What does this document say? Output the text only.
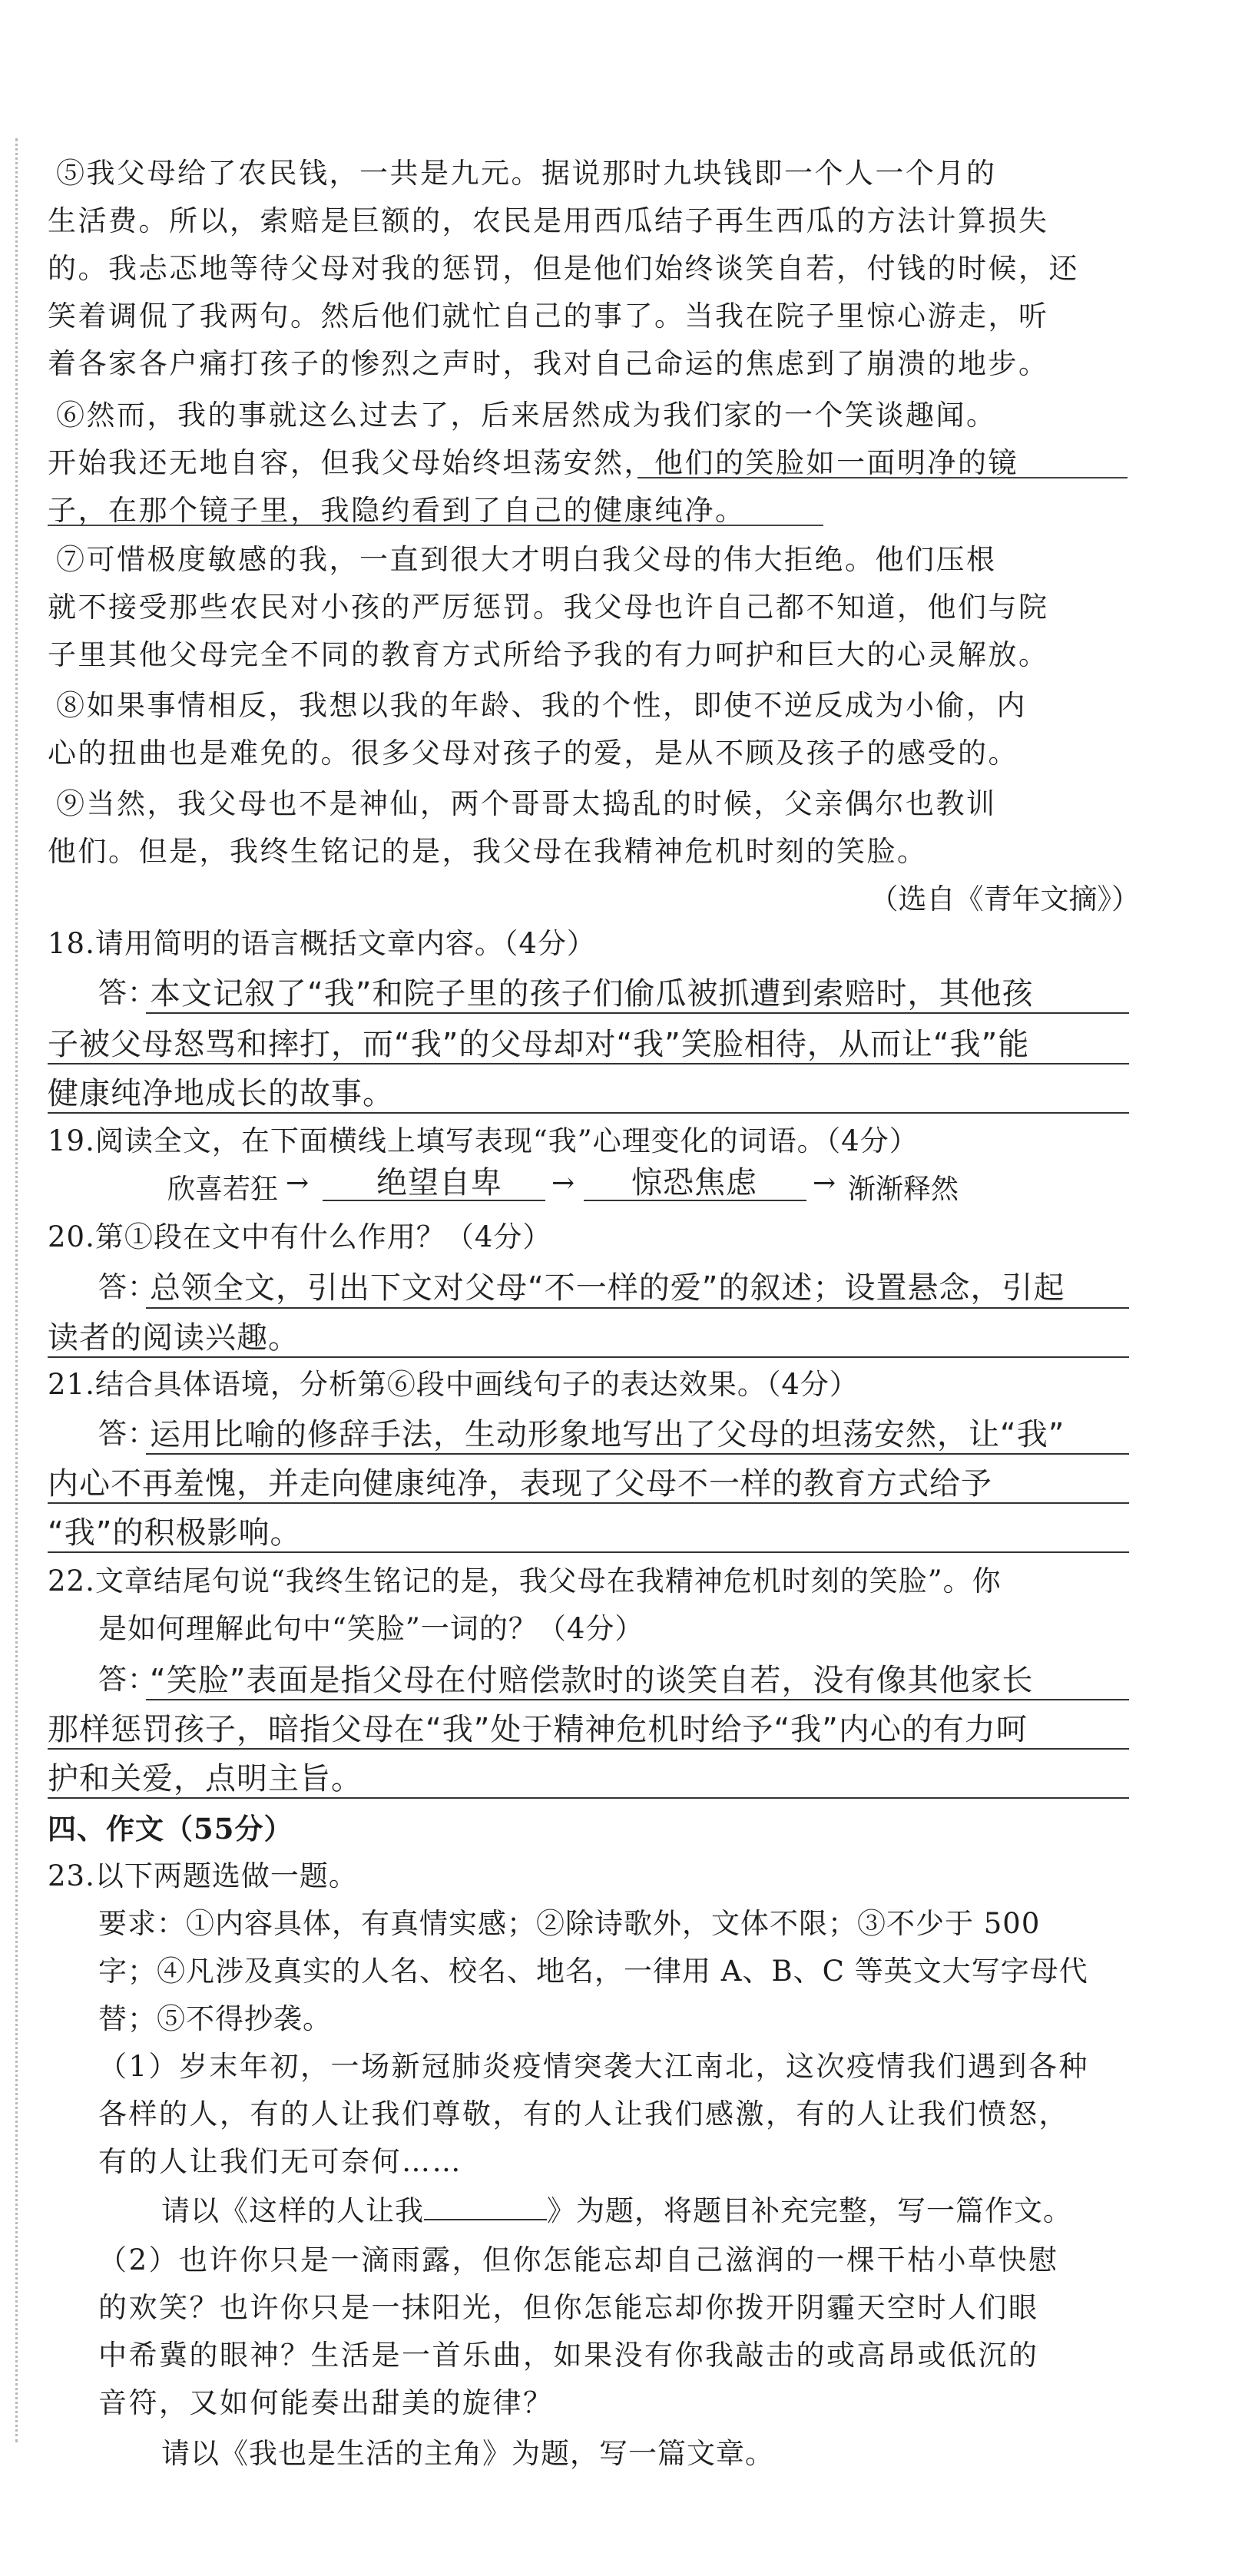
⑤我父母给了农民钱，一共是九元。据说那时九块钱即一个人一个月的
生活费。所以，索赔是巨额的，农民是用西瓜结子再生西瓜的方法计算损失
的。我忐忑地等待父母对我的惩罚，但是他们始终谈笑自若，付钱的时候，还
笑着调侃了我两句。然后他们就忙自己的事了。当我在院子里惊心游走，听
着各家各户痛打孩子的惨烈之声时，我对自己命运的焦虑到了崩溃的地步。
⑥然而，我的事就这么过去了，后来居然成为我们家的一个笑谈趣闻。
开始我还无地自容，但我父母始终坦荡安然，他们的笑脸如一面明净的镜
子，在那个镜子里，我隐约看到了自己的健康纯净。
⑦可惜极度敏感的我，一直到很大才明白我父母的伟大拒绝。他们压根
就不接受那些农民对小孩的严厉惩罚。我父母也许自己都不知道，他们与院
子里其他父母完全不同的教育方式所给予我的有力呵护和巨大的心灵解放。
⑧如果事情相反，我想以我的年龄、我的个性，即使不逆反成为小偷，内
心的扭曲也是难免的。很多父母对孩子的爱，是从不顾及孩子的感受的。
⑨当然，我父母也不是神仙，两个哥哥太捣乱的时候，父亲偶尔也教训
他们。但是，我终生铭记的是，我父母在我精神危机时刻的笑脸。
（选自《青年文摘》）
18.请用简明的语言概括文章内容。（4分）
答：
本文记叙了“我”和院子里的孩子们偷瓜被抓遭到索赔时，其他孩
子被父母怒骂和摔打，而“我”的父母却对“我”笑脸相待，从而让“我”能
健康纯净地成长的故事。
19.阅读全文，在下面横线上填写表现“我”心理变化的词语。（4分）
欣喜若狂 → 绝望自卑 → 惊恐焦虑 → 渐渐释然
20.第①段在文中有什么作用？（4分）
答：
总领全文，引出下文对父母“不一样的爱”的叙述；设置悬念，引起
读者的阅读兴趣。
21.结合具体语境，分析第⑥段中画线句子的表达效果。（4分）
答：
运用比喻的修辞手法，生动形象地写出了父母的坦荡安然，让“我”
内心不再羞愧，并走向健康纯净，表现了父母不一样的教育方式给予
“我”的积极影响。
22.文章结尾句说“我终生铭记的是，我父母在我精神危机时刻的笑脸”。你
是如何理解此句中“笑脸”一词的？（4分）
答：
“笑脸”表面是指父母在付赔偿款时的谈笑自若，没有像其他家长
那样惩罚孩子，暗指父母在“我”处于精神危机时给予“我”内心的有力呵
护和关爱，点明主旨。
四、作文（55分）
23.以下两题选做一题。
要求：①内容具体，有真情实感；②除诗歌外，文体不限；③不少于 500
字；④凡涉及真实的人名、校名、地名，一律用 A、B、C 等英文大写字母代
替；⑤不得抄袭。
（1）岁末年初，一场新冠肺炎疫情突袭大江南北，这次疫情我们遇到各种
各样的人，有的人让我们尊敬，有的人让我们感激，有的人让我们愤怒，
有的人让我们无可奈何……
请以《这样的人让我	》为题，将题目补充完整，写一篇作文。
（2）也许你只是一滴雨露，但你怎能忘却自己滋润的一棵干枯小草快慰
的欢笑？也许你只是一抹阳光，但你怎能忘却你拨开阴霾天空时人们眼
中希冀的眼神？生活是一首乐曲，如果没有你我敲击的或高昂或低沉的
音符，又如何能奏出甜美的旋律？
请以《我也是生活的主角》为题，写一篇文章。
